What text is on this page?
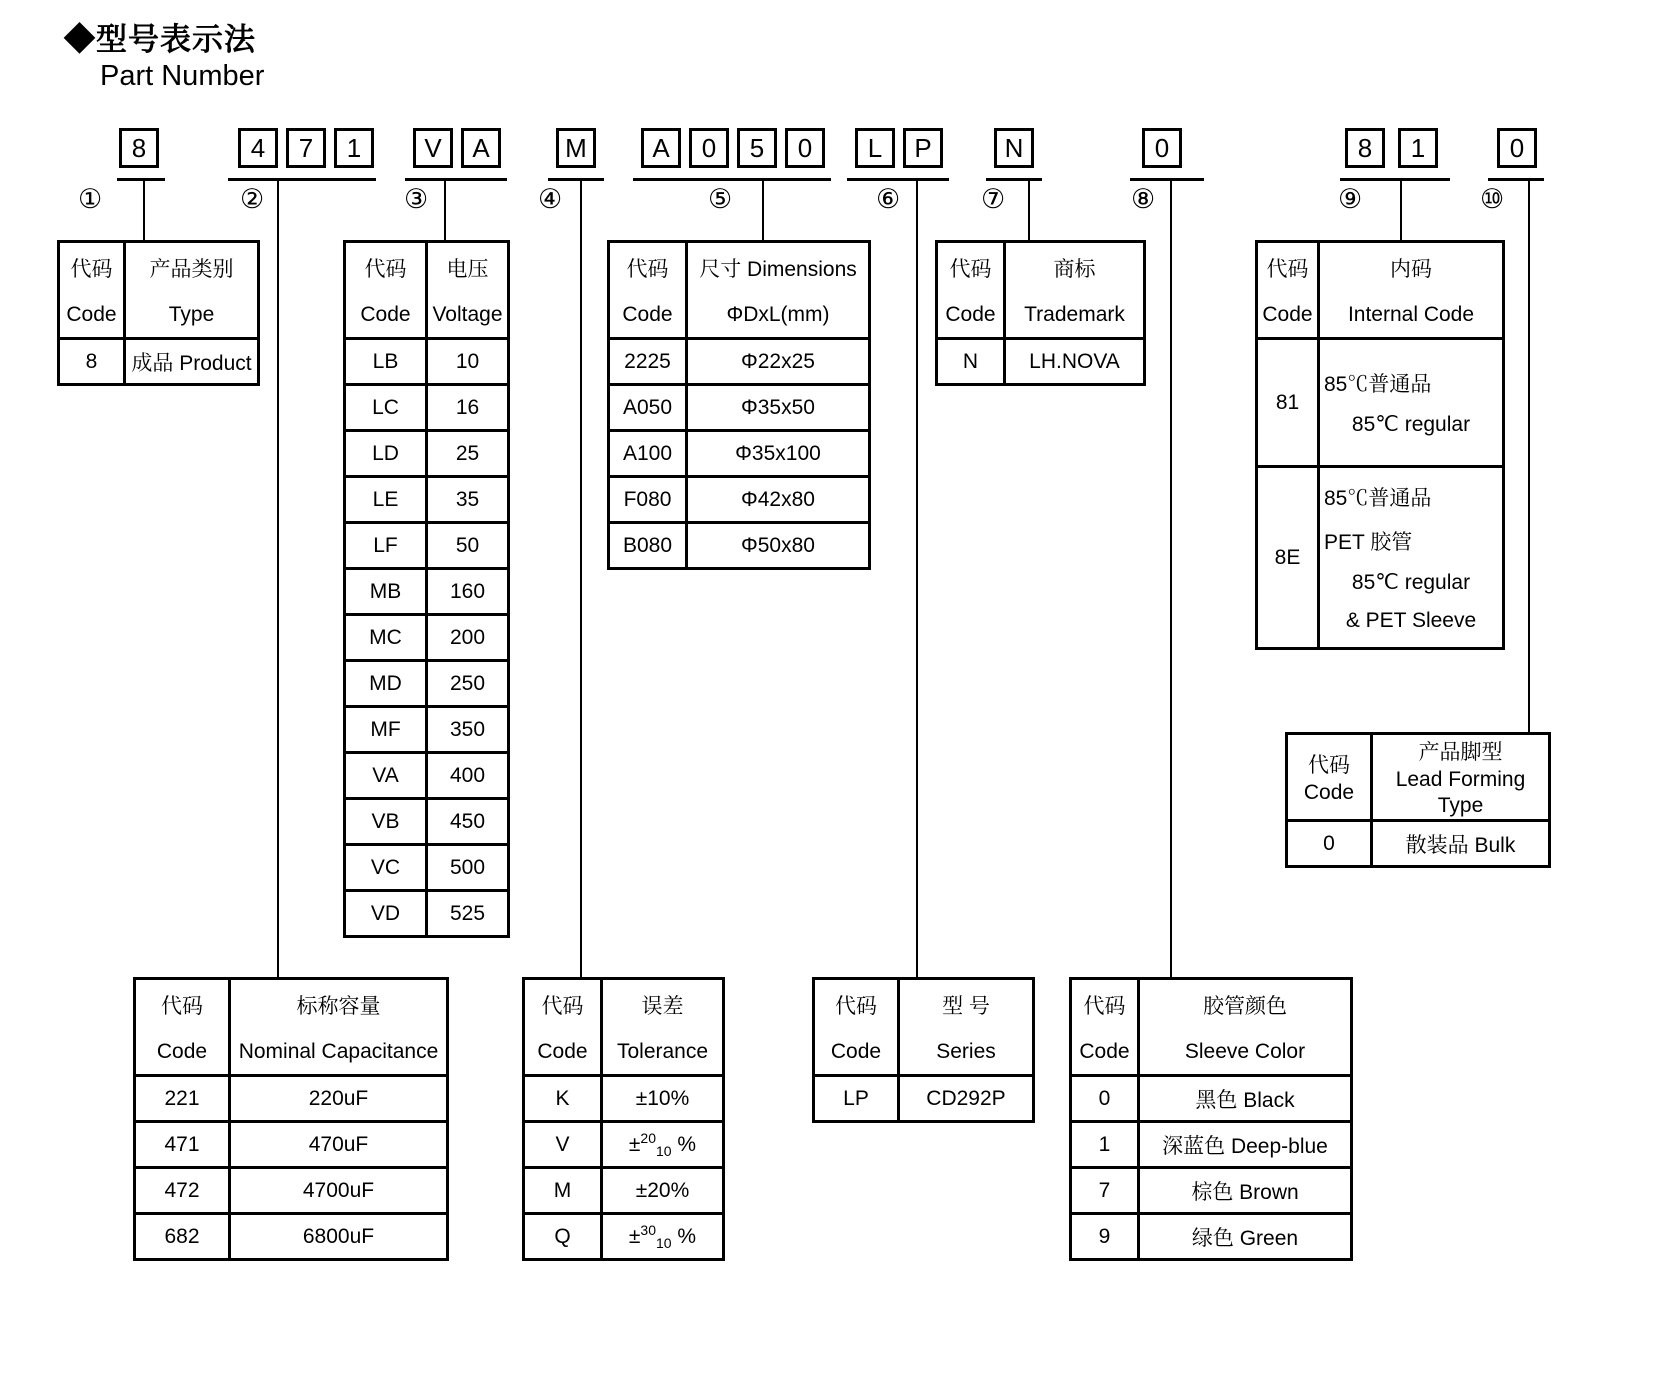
◆型号表示法
Part Number
8	4	7	1	V	A	M	A	0	5	0	L	P	N	0	8	1	0
①	②	③	④	⑤	⑥	⑦	⑧	⑨	⑩
代码
Code

产品类别
Type

8	成品 Product
代码
Code

电压
Voltage

LB	10
LC	16
LD	25
LE	35
LF	50
MB	160
MC	200
MD	250
MF	350
VA	400
VB	450
VC	500
VD	525
代码
Code

尺寸 Dimensions
ΦDxL(mm)

2225	Φ22x25
A050	Φ35x50
A100	Φ35x100
F080	Φ42x80
B080	Φ50x80
代码
Code

商标
Trademark

N	LH.NOVA
代码
Code

内码
Internal Code

81	85℃普通品
85℃ regular

8E	85℃普通品
PET 胶管
85℃ regular
& PET Sleeve
代码
Code

产品脚型
Lead Forming
Type

0	散装品 Bulk
代码
Code

标称容量
Nominal Capacitance

221	220uF
471	470uF
472	4700uF
682	6800uF
代码
Code

误差
Tolerance

K	±10%
V	±$^{20}_{10}$ %
M	±20%
Q	±$^{30}_{10}$ %
代码
Code

型 号
Series

LP	CD292P
代码
Code

胶管颜色
Sleeve Color

0	黑色 Black
1	深蓝色 Deep-blue
7	棕色 Brown
9	绿色 Green
